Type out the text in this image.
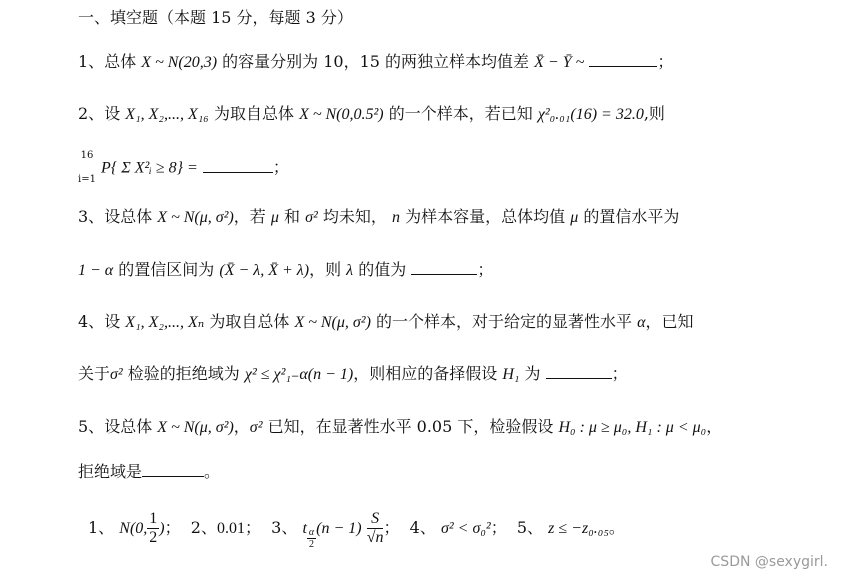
一、填空题（本题 15 分，每题 3 分）
1、总体 X ~ N(20,3) 的容量分别为 10，15 的两独立样本均值差 X̄ − Ȳ ~	；
2、设 X₁, X₂,..., X₁₆ 为取自总体 X ~ N(0,0.5²) 的一个样本，若已知 χ²₀.₀₁(16) = 32.0,则
16
i=1
P{ Σ X²ᵢ ≥ 8} =	；
3、设总体 X ~ N(μ, σ²)，若 μ 和 σ² 均未知， n 为样本容量，总体均值 μ 的置信水平为
1 − α 的置信区间为 (X̄ − λ, X̄ + λ)，则 λ 的值为	；
4、设 X₁, X₂,..., Xₙ 为取自总体 X ~ N(μ, σ²) 的一个样本，对于给定的显著性水平 α，已知
关于σ² 检验的拒绝域为 χ² ≤ χ²₁₋α(n − 1)，则相应的备择假设 H₁ 为	；
5、设总体 X ~ N(μ, σ²)，σ² 已知，在显著性水平 0.05 下，检验假设 H₀ : μ ≥ μ₀, H₁ : μ < μ₀，
拒绝域是	。
1、 N(0, $\frac{1}{2}$ )； 2、0.01； 3、 t $\frac{\alpha}{2} (n - 1) \frac{S}{√n}$ ； 4、 σ² < σ₀²； 5、 z ≤ −z₀.₀₅。
CSDN @sexygirl.
